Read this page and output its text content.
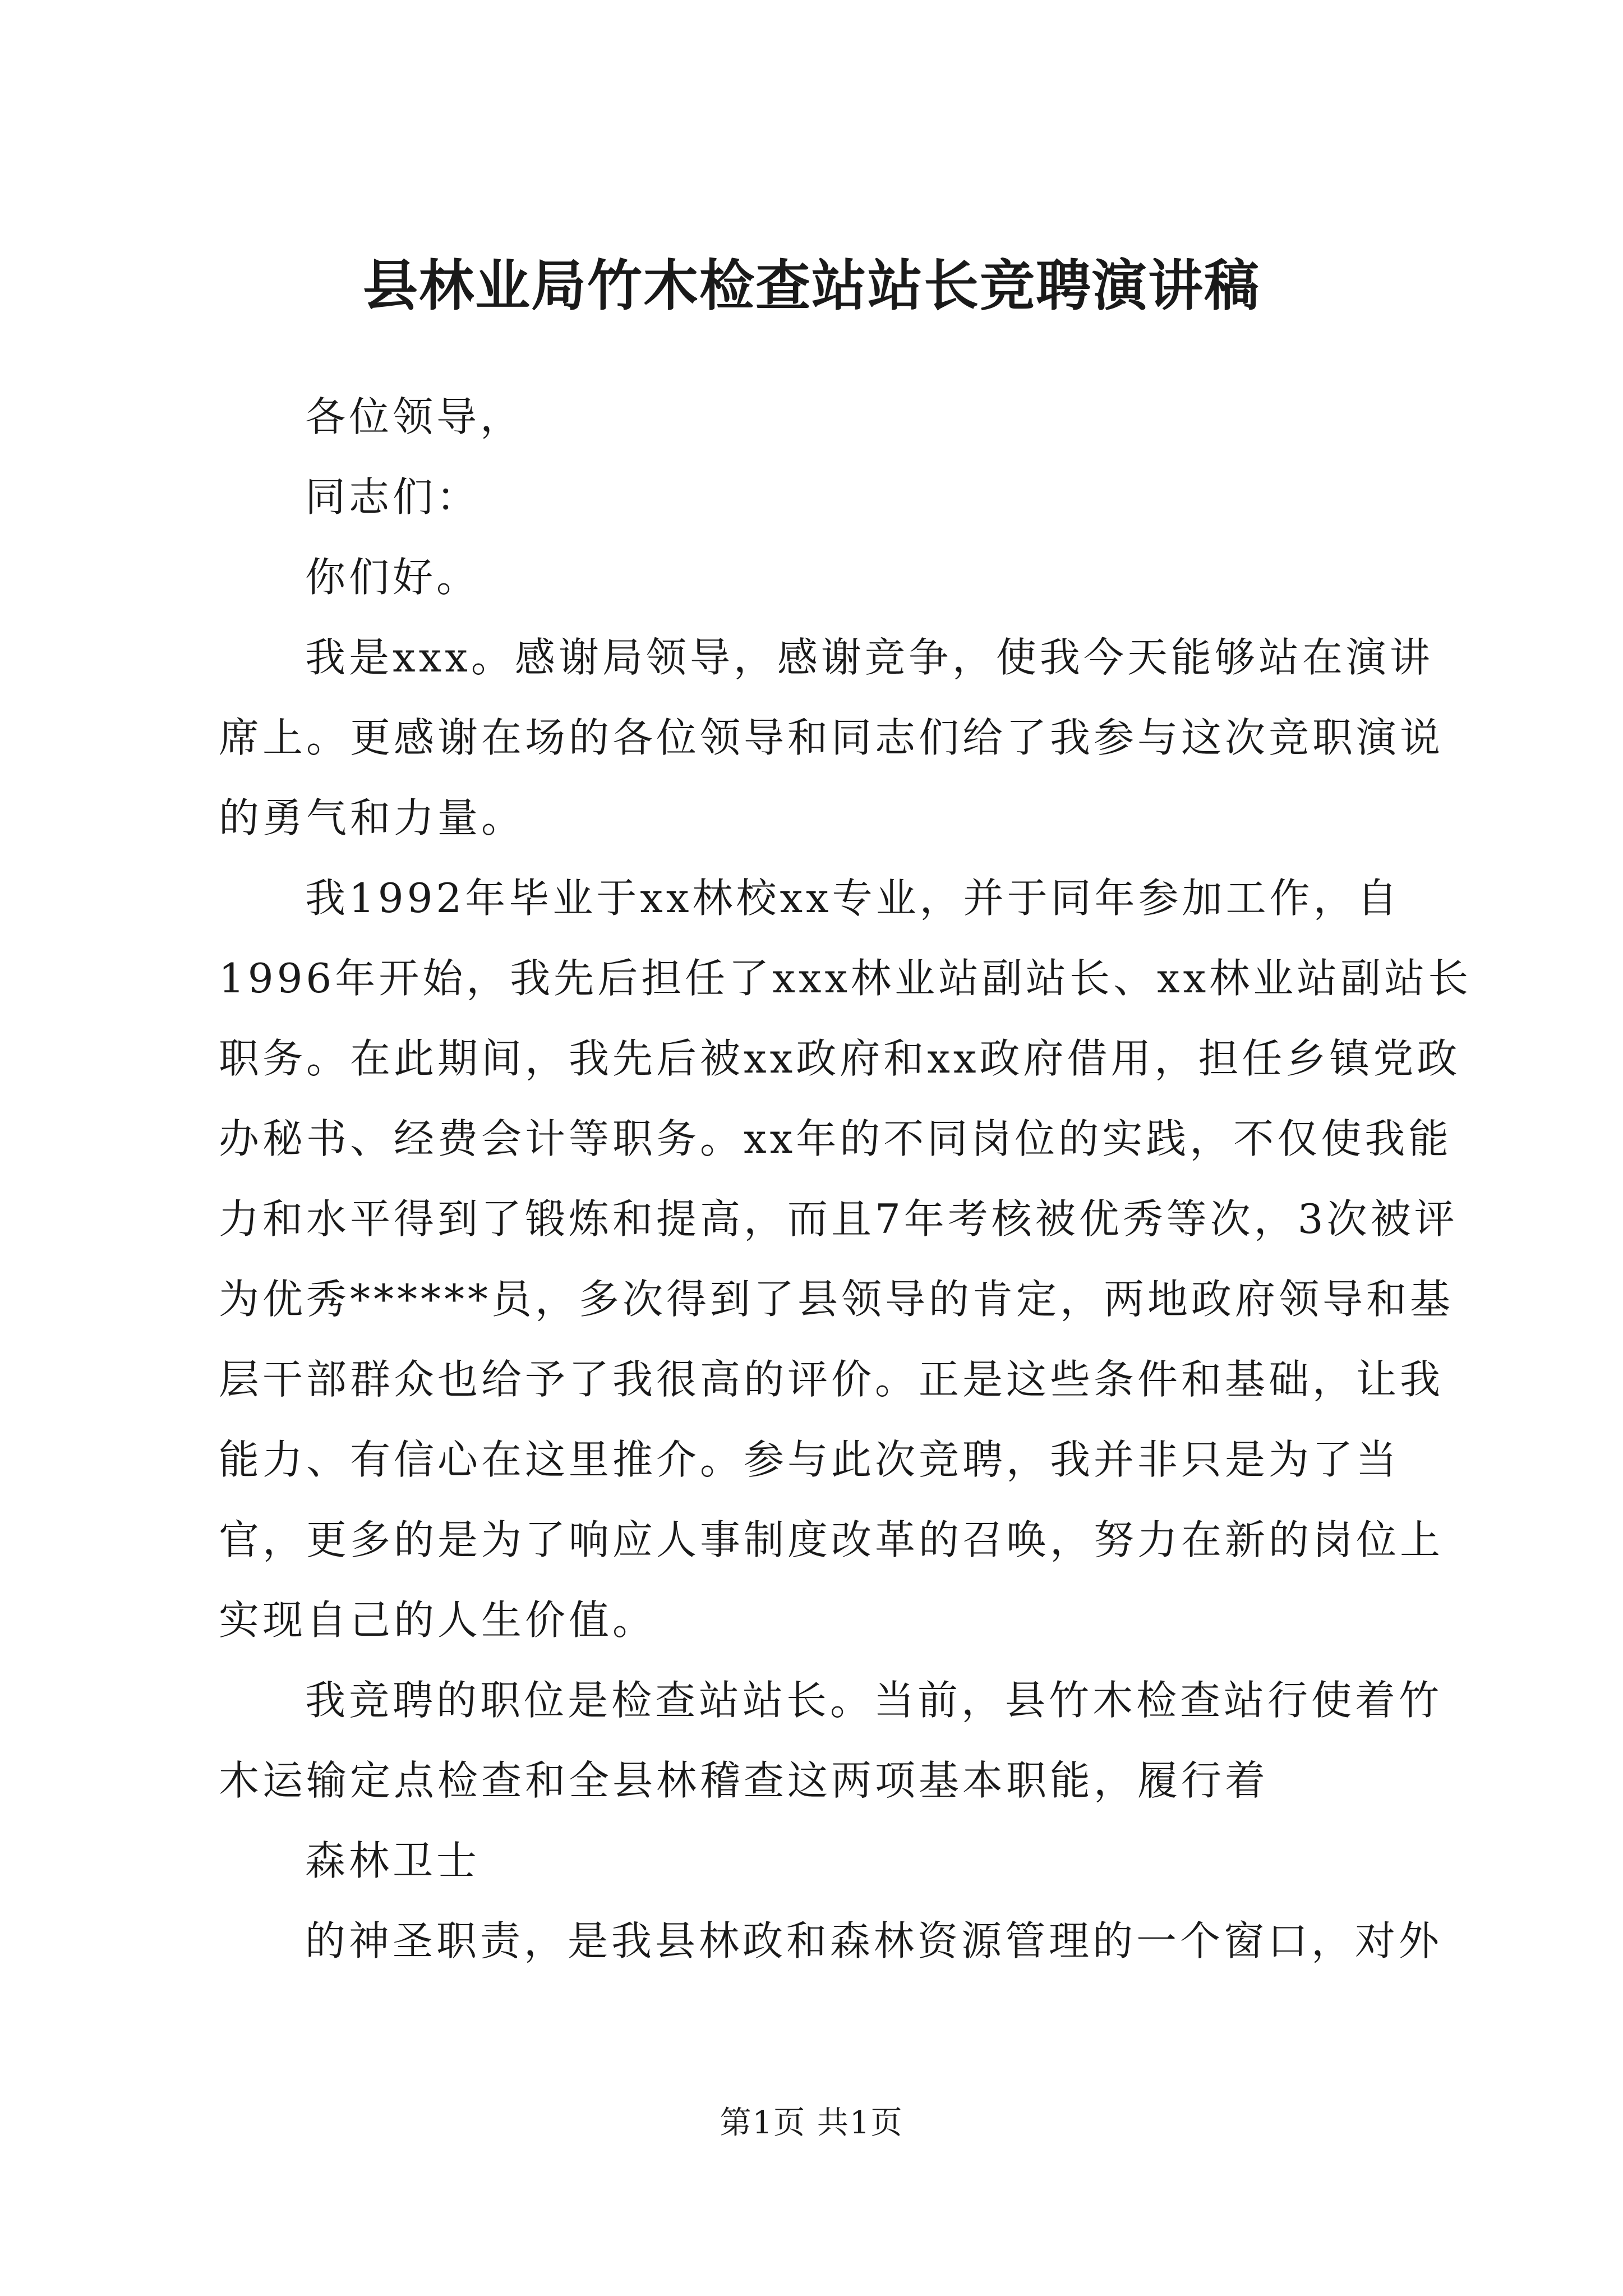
县林业局竹木检查站站长竞聘演讲稿

各位领导，

同志们：

你们好。

我是xxx。感谢局领导，感谢竞争，使我今天能够站在演讲席上。更感谢在场的各位领导和同志们给了我参与这次竞职演说的勇气和力量。

我1992年毕业于xx林校xx专业，并于同年参加工作，自1996年开始，我先后担任了xxx林业站副站长、xx林业站副站长职务。在此期间，我先后被xx政府和xx政府借用，担任乡镇党政办秘书、经费会计等职务。xx年的不同岗位的实践，不仅使我能力和水平得到了锻炼和提高，而且7年考核被优秀等次，3次被评为优秀******员，多次得到了县领导的肯定，两地政府领导和基层干部群众也给予了我很高的评价。正是这些条件和基础，让我能力、有信心在这里推介。参与此次竞聘，我并非只是为了当官，更多的是为了响应人事制度改革的召唤，努力在新的岗位上实现自己的人生价值。

我竞聘的职位是检查站站长。当前，县竹木检查站行使着竹木运输定点检查和全县林稽查这两项基本职能，履行着

森林卫士

的神圣职责，是我县林政和森林资源管理的一个窗口，对外

第1页 共1页
